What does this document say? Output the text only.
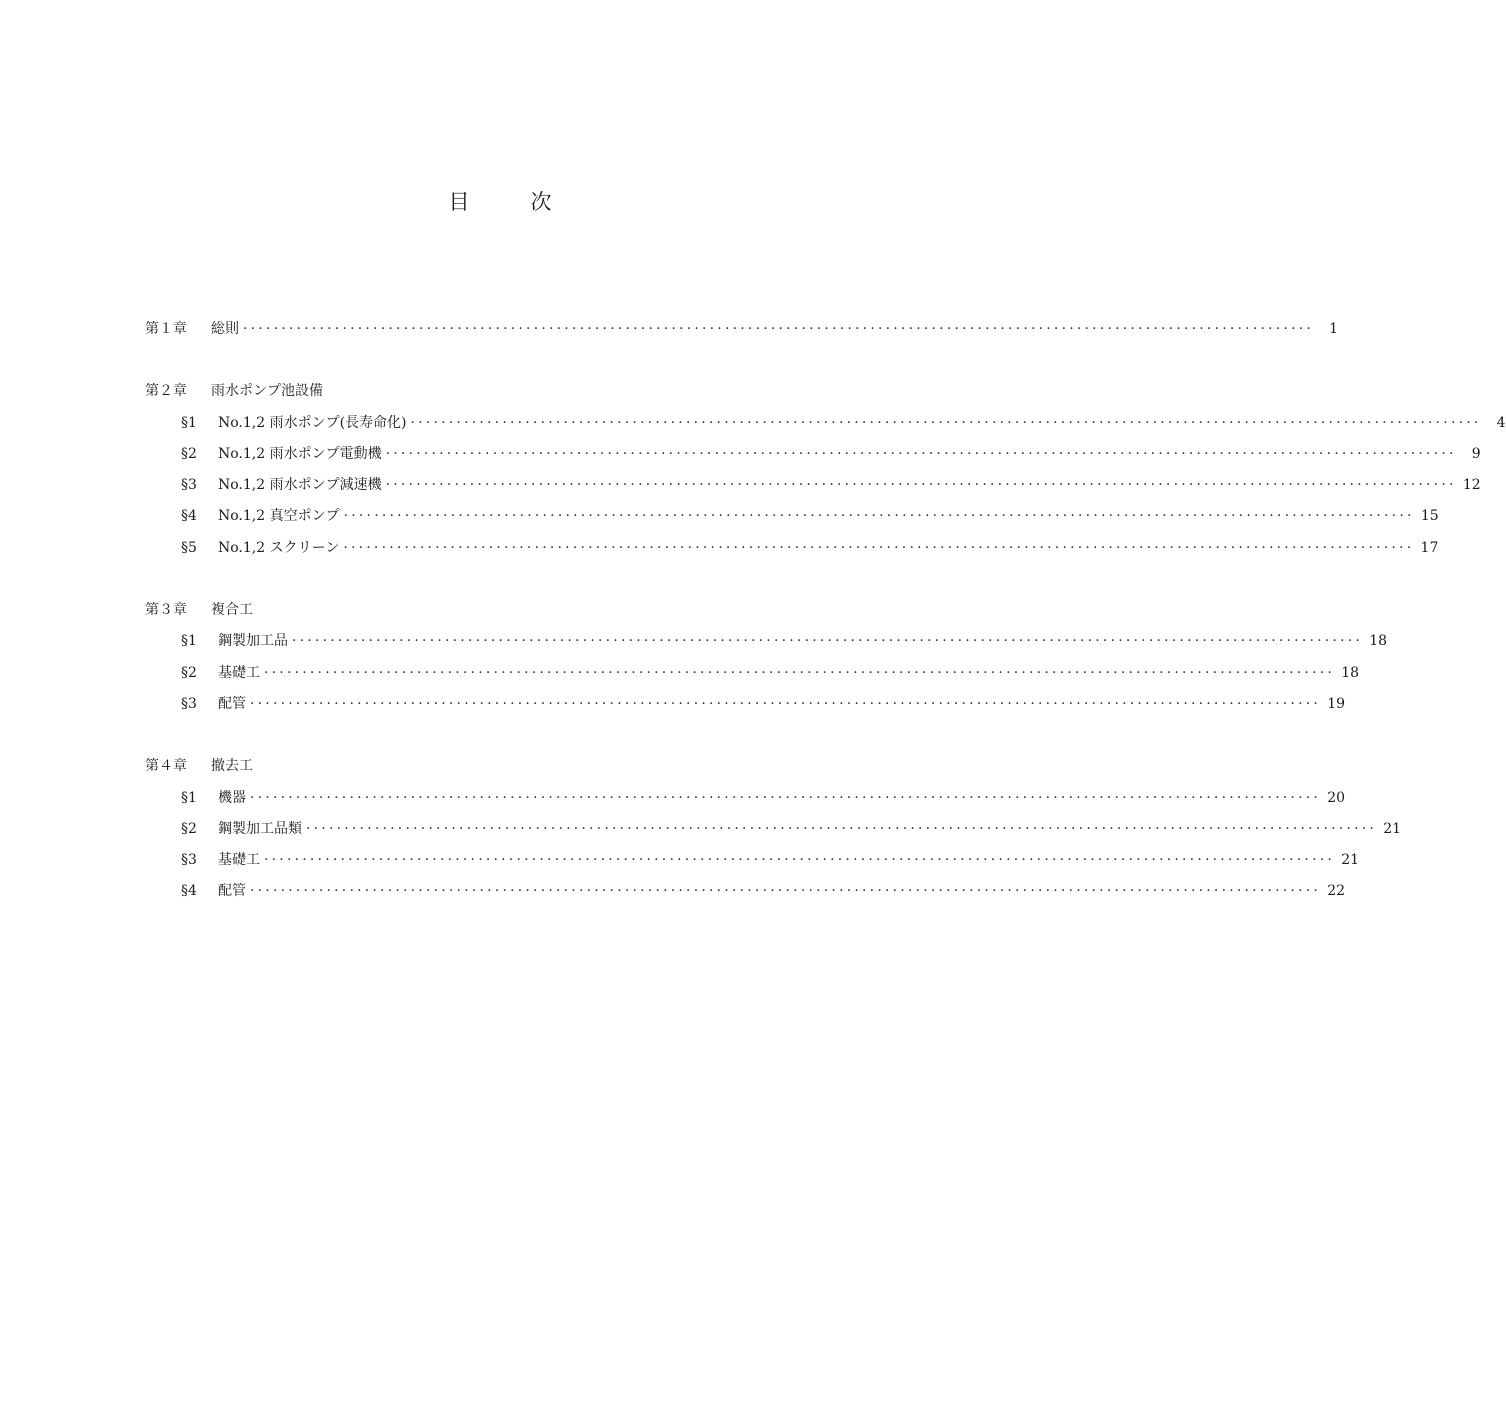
目　次
第１章	総則 ············································································································································	1
第２章	雨水ポンプ池設備
§1	No.1,2 雨水ポンプ(長寿命化) ············································································································································	4
§2	No.1,2 雨水ポンプ電動機 ············································································································································	9
§3	No.1,2 雨水ポンプ減速機 ············································································································································ 12
§4	No.1,2 真空ポンプ ············································································································································ 15
§5	No.1,2 スクリーン ············································································································································ 17
第３章	複合工
§1	鋼製加工品 ············································································································································ 18
§2	基礎工 ············································································································································ 18
§3	配管 ············································································································································ 19
第４章	撤去工
§1	機器 ············································································································································ 20
§2	鋼製加工品類 ············································································································································ 21
§3	基礎工 ············································································································································ 21
§4	配管 ············································································································································ 22
